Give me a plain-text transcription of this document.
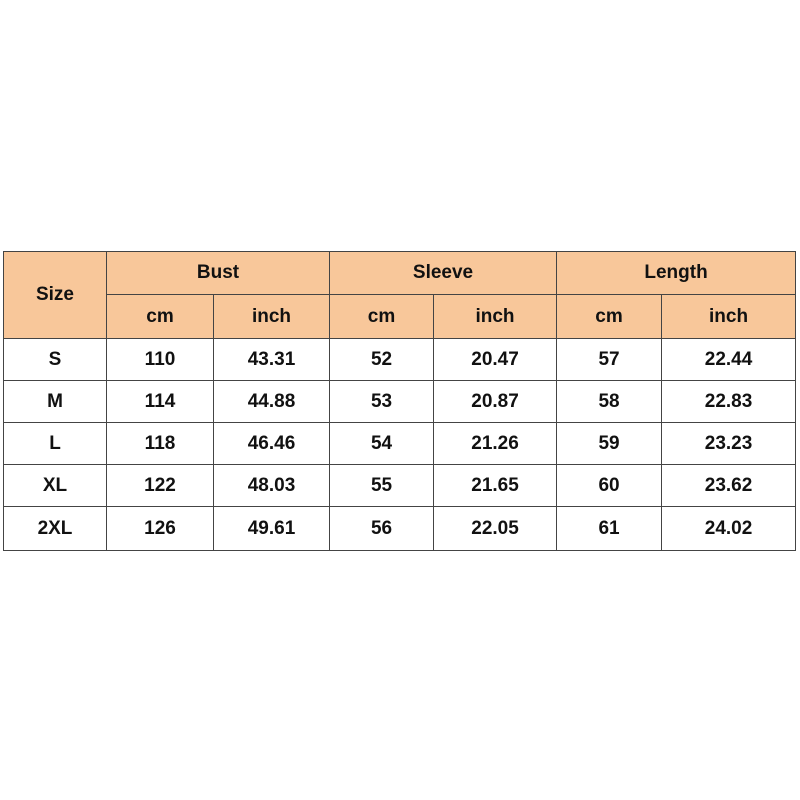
Size	Bust		Sleeve		Length	
	cm	inch	cm	inch	cm	inch
S	110	43.31	52	20.47	57	22.44
M	114	44.88	53	20.87	58	22.83
L	118	46.46	54	21.26	59	23.23
XL	122	48.03	55	21.65	60	23.62
2XL	126	49.61	56	22.05	61	24.02
